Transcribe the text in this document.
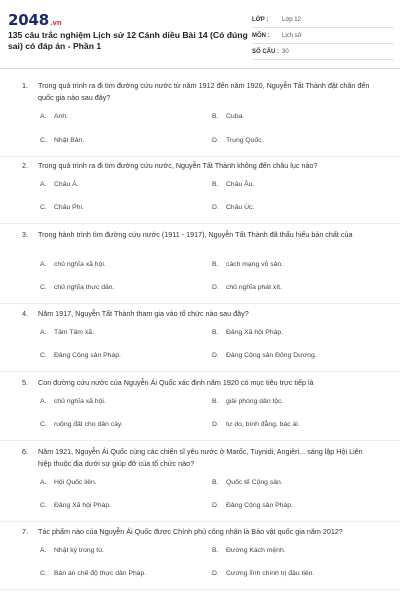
2048.vn
135 câu trắc nghiệm Lịch sử 12 Cánh diều Bài 14 (Có đúng sai) có đáp án - Phần 1
LỚP :	Lớp 12
MÔN :	Lịch sử
SỐ CÂU : 30
1.	Trong quá trình ra đi tìm đường cứu nước từ năm 1912 đến năm 1920, Nguyễn Tất Thành đặt chân đến quốc gia nào sau đây?
A.	Anh.	B.	Cuba.
C.	Nhật Bản.	D.	Trung Quốc.
2.	Trong quá trình ra đi tìm đường cứu nước, Nguyễn Tất Thành không đến châu lục nào?
A.	Châu Á.	B.	Châu Âu.
C.	Châu Phi.	D.	Châu Úc.
3.	Trong hành trình tìm đường cứu nước (1911 - 1917), Nguyễn Tất Thành đã thấu hiểu bản chất của
A.	chủ nghĩa xã hội.	B.	cách mạng vô sản.
C.	chủ nghĩa thực dân.	D.	chủ nghĩa phát xít.
4.	Năm 1917, Nguyễn Tất Thành tham gia vào tổ chức nào sau đây?
A.	Tâm Tâm xã.	B.	Đảng Xã hội Pháp.
C.	Đảng Cộng sản Pháp.	D.	Đảng Cộng sản Đông Dương.
5.	Con đường cứu nước của Nguyễn Ái Quốc xác định năm 1920 có mục tiêu trực tiếp là
A.	chủ nghĩa xã hội.	B.	giải phóng dân tộc.
C.	ruộng đất cho dân cày.	D.	tự do, bình đẳng, bác ái.
6.	Năm 1921, Nguyễn Ái Quốc cùng các chiến sĩ yêu nước ở Marốc, Tuynidi, Angiêri... sáng lập Hội Liên hiệp thuộc địa dưới sự giúp đỡ của tổ chức nào?
A.	Hội Quốc liên.	B.	Quốc tế Cộng sản.
C.	Đảng Xã hội Pháp.	D.	Đảng Cộng sản Pháp.
7.	Tác phẩm nào của Nguyễn Ái Quốc được Chính phủ công nhận là Bảo vật quốc gia năm 2012?
A.	Nhật ký trong tù.	B.	Đường Kách mệnh.
C.	Bản án chế độ thực dân Pháp.	D.	Cương lĩnh chính trị đầu tiên.
